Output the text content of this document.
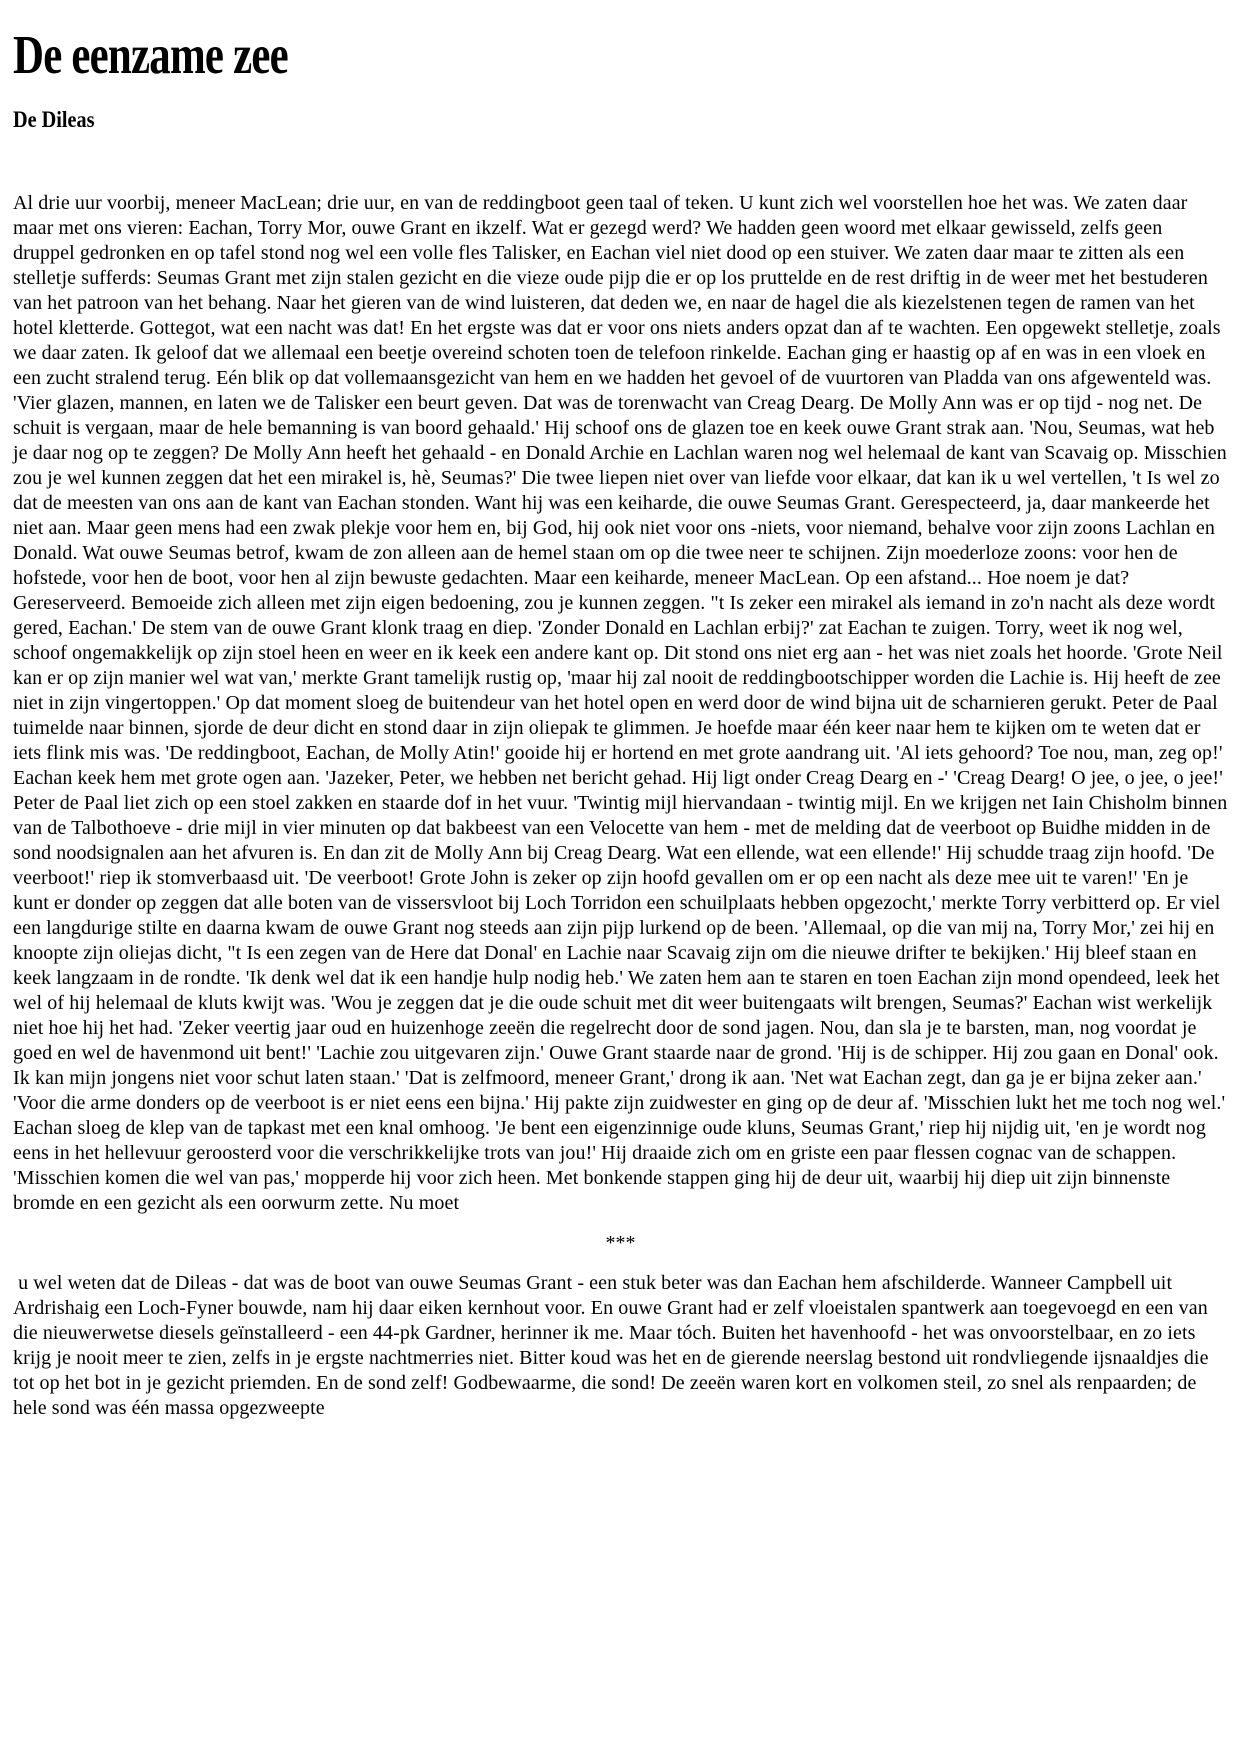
De eenzame zee
De Dileas

Al drie uur voorbij, meneer MacLean; drie uur, en van de reddingboot geen taal of teken. U kunt zich wel voorstellen hoe het was. We zaten daar maar met ons vieren: Eachan, Torry Mor, ouwe Grant en ikzelf. Wat er gezegd werd? We hadden geen woord met elkaar gewisseld, zelfs geen druppel gedronken en op tafel stond nog wel een volle fles Talisker, en Eachan viel niet dood op een stuiver. We zaten daar maar te zitten als een stelletje sufferds: Seumas Grant met zijn stalen gezicht en die vieze oude pijp die er op los pruttelde en de rest driftig in de weer met het bestuderen van het patroon van het behang. Naar het gieren van de wind luisteren, dat deden we, en naar de hagel die als kiezelstenen tegen de ramen van het hotel kletterde. Gottegot, wat een nacht was dat! En het ergste was dat er voor ons niets anders opzat dan af te wachten. Een opgewekt stelletje, zoals we daar zaten. Ik geloof dat we allemaal een beetje overeind schoten toen de telefoon rinkelde. Eachan ging er haastig op af en was in een vloek en een zucht stralend terug. Eén blik op dat vollemaansgezicht van hem en we hadden het gevoel of de vuurtoren van Pladda van ons afgewenteld was. 'Vier glazen, mannen, en laten we de Talisker een beurt geven. Dat was de torenwacht van Creag Dearg. De Molly Ann was er op tijd - nog net. De schuit is vergaan, maar de hele bemanning is van boord gehaald.' Hij schoof ons de glazen toe en keek ouwe Grant strak aan. 'Nou, Seumas, wat heb je daar nog op te zeggen? De Molly Ann heeft het gehaald - en Donald Archie en Lachlan waren nog wel helemaal de kant van Scavaig op. Misschien zou je wel kunnen zeggen dat het een mirakel is, hè, Seumas?' Die twee liepen niet over van liefde voor elkaar, dat kan ik u wel vertellen, 't Is wel zo dat de meesten van ons aan de kant van Eachan stonden. Want hij was een keiharde, die ouwe Seumas Grant. Gerespecteerd, ja, daar mankeerde het niet aan. Maar geen mens had een zwak plekje voor hem en, bij God, hij ook niet voor ons -niets, voor niemand, behalve voor zijn zoons Lachlan en Donald. Wat ouwe Seumas betrof, kwam de zon alleen aan de hemel staan om op die twee neer te schijnen. Zijn moederloze zoons: voor hen de hofstede, voor hen de boot, voor hen al zijn bewuste gedachten. Maar een keiharde, meneer MacLean. Op een afstand... Hoe noem je dat? Gereserveerd. Bemoeide zich alleen met zijn eigen bedoening, zou je kunnen zeggen. "t Is zeker een mirakel als iemand in zo'n nacht als deze wordt gered, Eachan.' De stem van de ouwe Grant klonk traag en diep. 'Zonder Donald en Lachlan erbij?' zat Eachan te zuigen. Torry, weet ik nog wel, schoof ongemakkelijk op zijn stoel heen en weer en ik keek een andere kant op. Dit stond ons niet erg aan - het was niet zoals het hoorde. 'Grote Neil kan er op zijn manier wel wat van,' merkte Grant tamelijk rustig op, 'maar hij zal nooit de reddingbootschipper worden die Lachie is. Hij heeft de zee niet in zijn vingertoppen.' Op dat moment sloeg de buitendeur van het hotel open en werd door de wind bijna uit de scharnieren gerukt. Peter de Paal tuimelde naar binnen, sjorde de deur dicht en stond daar in zijn oliepak te glimmen. Je hoefde maar één keer naar hem te kijken om te weten dat er iets flink mis was. 'De reddingboot, Eachan, de Molly Atin!' gooide hij er hortend en met grote aandrang uit. 'Al iets gehoord? Toe nou, man, zeg op!' Eachan keek hem met grote ogen aan. 'Jazeker, Peter, we hebben net bericht gehad. Hij ligt onder Creag Dearg en -' 'Creag Dearg! O jee, o jee, o jee!' Peter de Paal liet zich op een stoel zakken en staarde dof in het vuur. 'Twintig mijl hiervandaan - twintig mijl. En we krijgen net Iain Chisholm binnen van de Talbothoeve - drie mijl in vier minuten op dat bakbeest van een Velocette van hem - met de melding dat de veerboot op Buidhe midden in de sond noodsignalen aan het afvuren is. En dan zit de Molly Ann bij Creag Dearg. Wat een ellende, wat een ellende!' Hij schudde traag zijn hoofd. 'De veerboot!' riep ik stomverbaasd uit. 'De veerboot! Grote John is zeker op zijn hoofd gevallen om er op een nacht als deze mee uit te varen!' 'En je kunt er donder op zeggen dat alle boten van de vissersvloot bij Loch Torridon een schuilplaats hebben opgezocht,' merkte Torry verbitterd op. Er viel een langdurige stilte en daarna kwam de ouwe Grant nog steeds aan zijn pijp lurkend op de been. 'Allemaal, op die van mij na, Torry Mor,' zei hij en knoopte zijn oliejas dicht, "t Is een zegen van de Here dat Donal' en Lachie naar Scavaig zijn om die nieuwe drifter te bekijken.' Hij bleef staan en keek langzaam in de rondte. 'Ik denk wel dat ik een handje hulp nodig heb.' We zaten hem aan te staren en toen Eachan zijn mond opendeed, leek het wel of hij helemaal de kluts kwijt was. 'Wou je zeggen dat je die oude schuit met dit weer buitengaats wilt brengen, Seumas?' Eachan wist werkelijk niet hoe hij het had. 'Zeker veertig jaar oud en huizenhoge zeeën die regelrecht door de sond jagen. Nou, dan sla je te barsten, man, nog voordat je goed en wel de havenmond uit bent!' 'Lachie zou uitgevaren zijn.' Ouwe Grant staarde naar de grond. 'Hij is de schipper. Hij zou gaan en Donal' ook. Ik kan mijn jongens niet voor schut laten staan.' 'Dat is zelfmoord, meneer Grant,' drong ik aan. 'Net wat Eachan zegt, dan ga je er bijna zeker aan.' 'Voor die arme donders op de veerboot is er niet eens een bijna.' Hij pakte zijn zuidwester en ging op de deur af. 'Misschien lukt het me toch nog wel.' Eachan sloeg de klep van de tapkast met een knal omhoog. 'Je bent een eigenzinnige oude kluns, Seumas Grant,' riep hij nijdig uit, 'en je wordt nog eens in het hellevuur geroosterd voor die verschrikkelijke trots van jou!' Hij draaide zich om en griste een paar flessen cognac van de schappen. 'Misschien komen die wel van pas,' mopperde hij voor zich heen. Met bonkende stappen ging hij de deur uit, waarbij hij diep uit zijn binnenste bromde en een gezicht als een oorwurm zette. Nu moet

***

u wel weten dat de Dileas - dat was de boot van ouwe Seumas Grant - een stuk beter was dan Eachan hem afschilderde. Wanneer Campbell uit Ardrishaig een Loch-Fyner bouwde, nam hij daar eiken kernhout voor. En ouwe Grant had er zelf vloeistalen spantwerk aan toegevoegd en een van die nieuwerwetse diesels geïnstalleerd - een 44-pk Gardner, herinner ik me. Maar tóch. Buiten het havenhoofd - het was onvoorstelbaar, en zo iets krijg je nooit meer te zien, zelfs in je ergste nachtmerries niet. Bitter koud was het en de gierende neerslag bestond uit rondvliegende ijsnaaldjes die tot op het bot in je gezicht priemden. En de sond zelf! Godbewaarme, die sond! De zeeën waren kort en volkomen steil, zo snel als renpaarden; de hele sond was één massa opgezweepte
